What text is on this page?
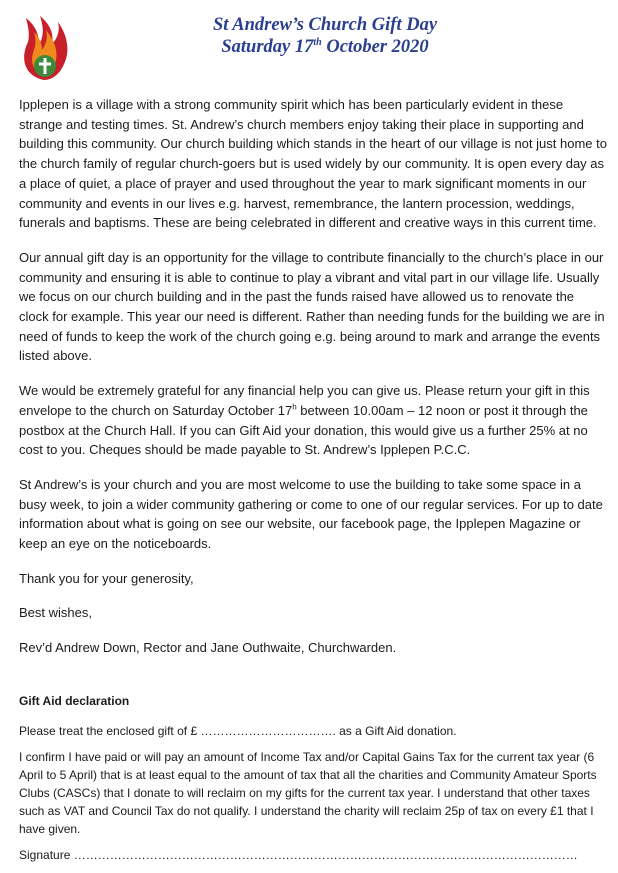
St Andrew’s Church Gift Day
Saturday 17th October 2020

Ipplepen is a village with a strong community spirit which has been particularly evident in these strange and testing times. St. Andrew’s church members enjoy taking their place in supporting and building this community. Our church building which stands in the heart of our village is not just home to the church family of regular church-goers but is used widely by our community. It is open every day as a place of quiet, a place of prayer and used throughout the year to mark significant moments in our community and events in our lives e.g. harvest, remembrance, the lantern procession, weddings, funerals and baptisms. These are being celebrated in different and creative ways in this current time.

Our annual gift day is an opportunity for the village to contribute financially to the church’s place in our community and ensuring it is able to continue to play a vibrant and vital part in our village life. Usually we focus on our church building and in the past the funds raised have allowed us to renovate the clock for example. This year our need is different. Rather than needing funds for the building we are in need of funds to keep the work of the church going e.g. being around to mark and arrange the events listed above.

We would be extremely grateful for any financial help you can give us. Please return your gift in this envelope to the church on Saturday October 17$^h$ between 10.00am – 12 noon or post it through the postbox at the Church Hall. If you can Gift Aid your donation, this would give us a further 25% at no cost to you. Cheques should be made payable to St. Andrew’s Ipplepen P.C.C.

St Andrew’s is your church and you are most welcome to use the building to take some space in a busy week, to join a wider community gathering or come to one of our regular services. For up to date information about what is going on see our website, our facebook page, the Ipplepen Magazine or keep an eye on the noticeboards.

Thank you for your generosity,

Best wishes,

Rev’d Andrew Down, Rector and Jane Outhwaite, Churchwarden.

Gift Aid declaration

Please treat the enclosed gift of £ ……………………………. as a Gift Aid donation.

I confirm I have paid or will pay an amount of Income Tax and/or Capital Gains Tax for the current tax year (6 April to 5 April) that is at least equal to the amount of tax that all the charities and Community Amateur Sports Clubs (CASCs) that I donate to will reclaim on my gifts for the current tax year. I understand that other taxes such as VAT and Council Tax do not qualify. I understand the charity will reclaim 25p of tax on every £1 that I have given.

Signature ………………………………………………………………………………………………………………
